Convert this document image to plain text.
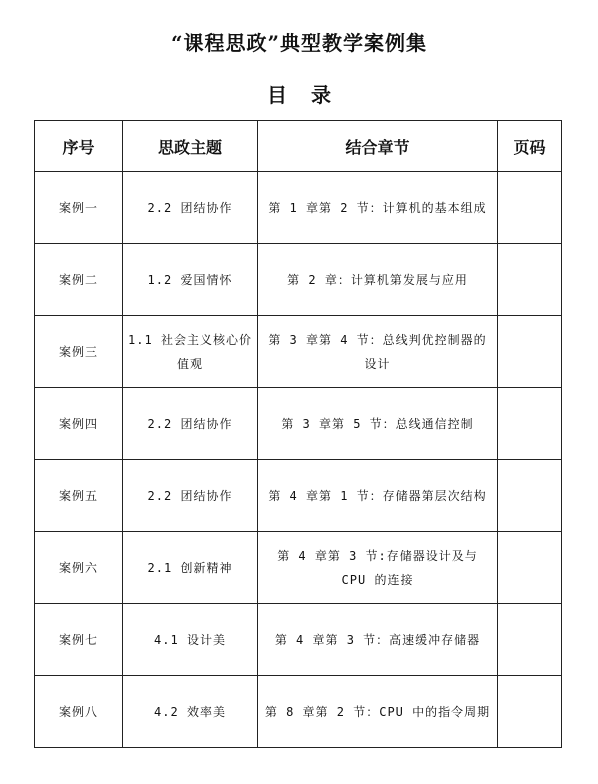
“课程思政”典型教学案例集
目 录
序号	思政主题	结合章节	页码
案例一	2.2 团结协作	第 1 章第 2 节：计算机的基本组成	
案例二	1.2 爱国情怀	第 2 章：计算机第发展与应用	
案例三	1.1 社会主义核心价值观	第 3 章第 4 节：总线判优控制器的设计	
案例四	2.2 团结协作	第 3 章第 5 节：总线通信控制	
案例五	2.2 团结协作	第 4 章第 1 节：存储器第层次结构	
案例六	2.1 创新精神	第 4 章第 3 节:存储器设计及与 CPU 的连接	
案例七	4.1 设计美	第 4 章第 3 节：高速缓冲存储器	
案例八	4.2 效率美	第 8 章第 2 节：CPU 中的指令周期	
